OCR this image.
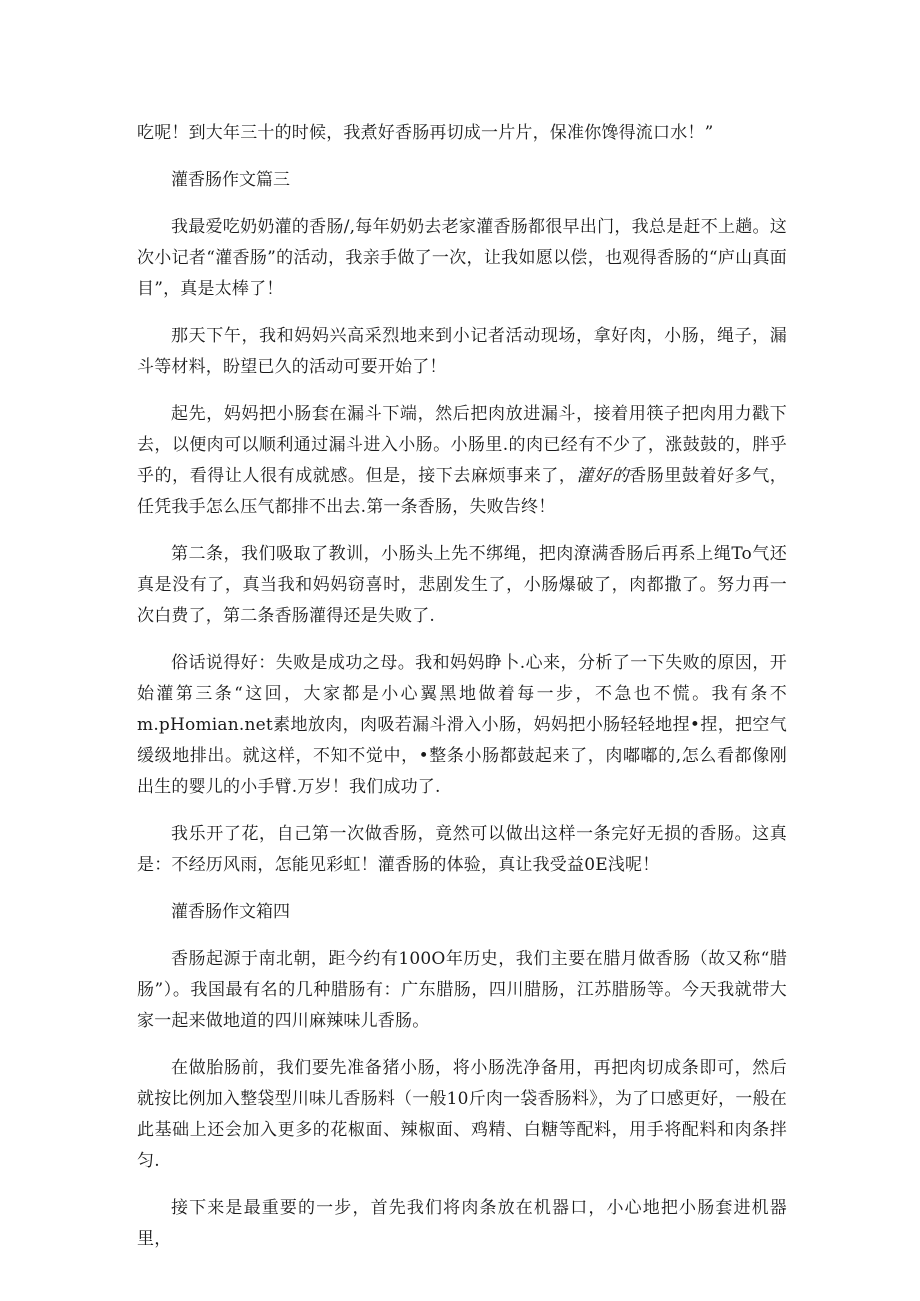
吃呢！到大年三十的时候，我煮好香肠再切成一片片，保准你馋得流口水！”

灌香肠作文篇三

我最爱吃奶奶灌的香肠/,每年奶奶去老家灌香肠都很早出门，我总是赶不上趟。这次小记者“灌香肠”的活动，我亲手做了一次，让我如愿以偿，也观得香肠的“庐山真面目”，真是太棒了！

那天下午，我和妈妈兴高采烈地来到小记者活动现场，拿好肉，小肠，绳子，漏斗等材料，盼望已久的活动可要开始了！

起先，妈妈把小肠套在漏斗下端，然后把肉放进漏斗，接着用筷子把肉用力戳下去，以便肉可以顺利通过漏斗进入小肠。小肠里.的肉已经有不少了，涨鼓鼓的，胖乎乎的，看得让人很有成就感。但是，接下去麻烦事来了，灌好的香肠里鼓着好多气，任凭我手怎么压气都排不出去.第一条香肠，失败告终！

第二条，我们吸取了教训，小肠头上先不绑绳，把肉潦满香肠后再系上绳To气还真是没有了，真当我和妈妈窃喜时，悲剧发生了，小肠爆破了，肉都撒了。努力再一次白费了，第二条香肠灌得还是失败了.

俗话说得好：失败是成功之母。我和妈妈睁卜.心来，分析了一下失败的原因，开始灌第三条“这回，大家都是小心翼黑地做着每一步，不急也不慌。我有条不m.pHomian.net素地放肉，肉吸若漏斗滑入小肠，妈妈把小肠轻轻地捏•捏，把空气缓级地排出。就这样，不知不觉中，•整条小肠都鼓起来了，肉嘟嘟的,怎么看都像刚出生的婴儿的小手臂.万岁！我们成功了.

我乐开了花，自己第一次做香肠，竟然可以做出这样一条完好无损的香肠。这真是：不经历风雨，怎能见彩虹！灌香肠的体验，真让我受益0E浅呢！

灌香肠作文箱四

香肠起源于南北朝，距今约有100O年历史，我们主要在腊月做香肠（故又称“腊肠”）。我国最有名的几种腊肠有：广东腊肠，四川腊肠，江苏腊肠等。今天我就带大家一起来做地道的四川麻辣味儿香肠。

在做胎肠前，我们要先准备猪小肠，将小肠洗净备用，再把肉切成条即可，然后就按比例加入整袋型川味儿香肠料（一般10斤肉一袋香肠料》，为了口感更好，一般在此基础上还会加入更多的花椒面、辣椒面、鸡精、白糖等配料，用手将配料和肉条拌匀.

接下来是最重要的一步，首先我们将肉条放在机器口，小心地把小肠套进机器里，
